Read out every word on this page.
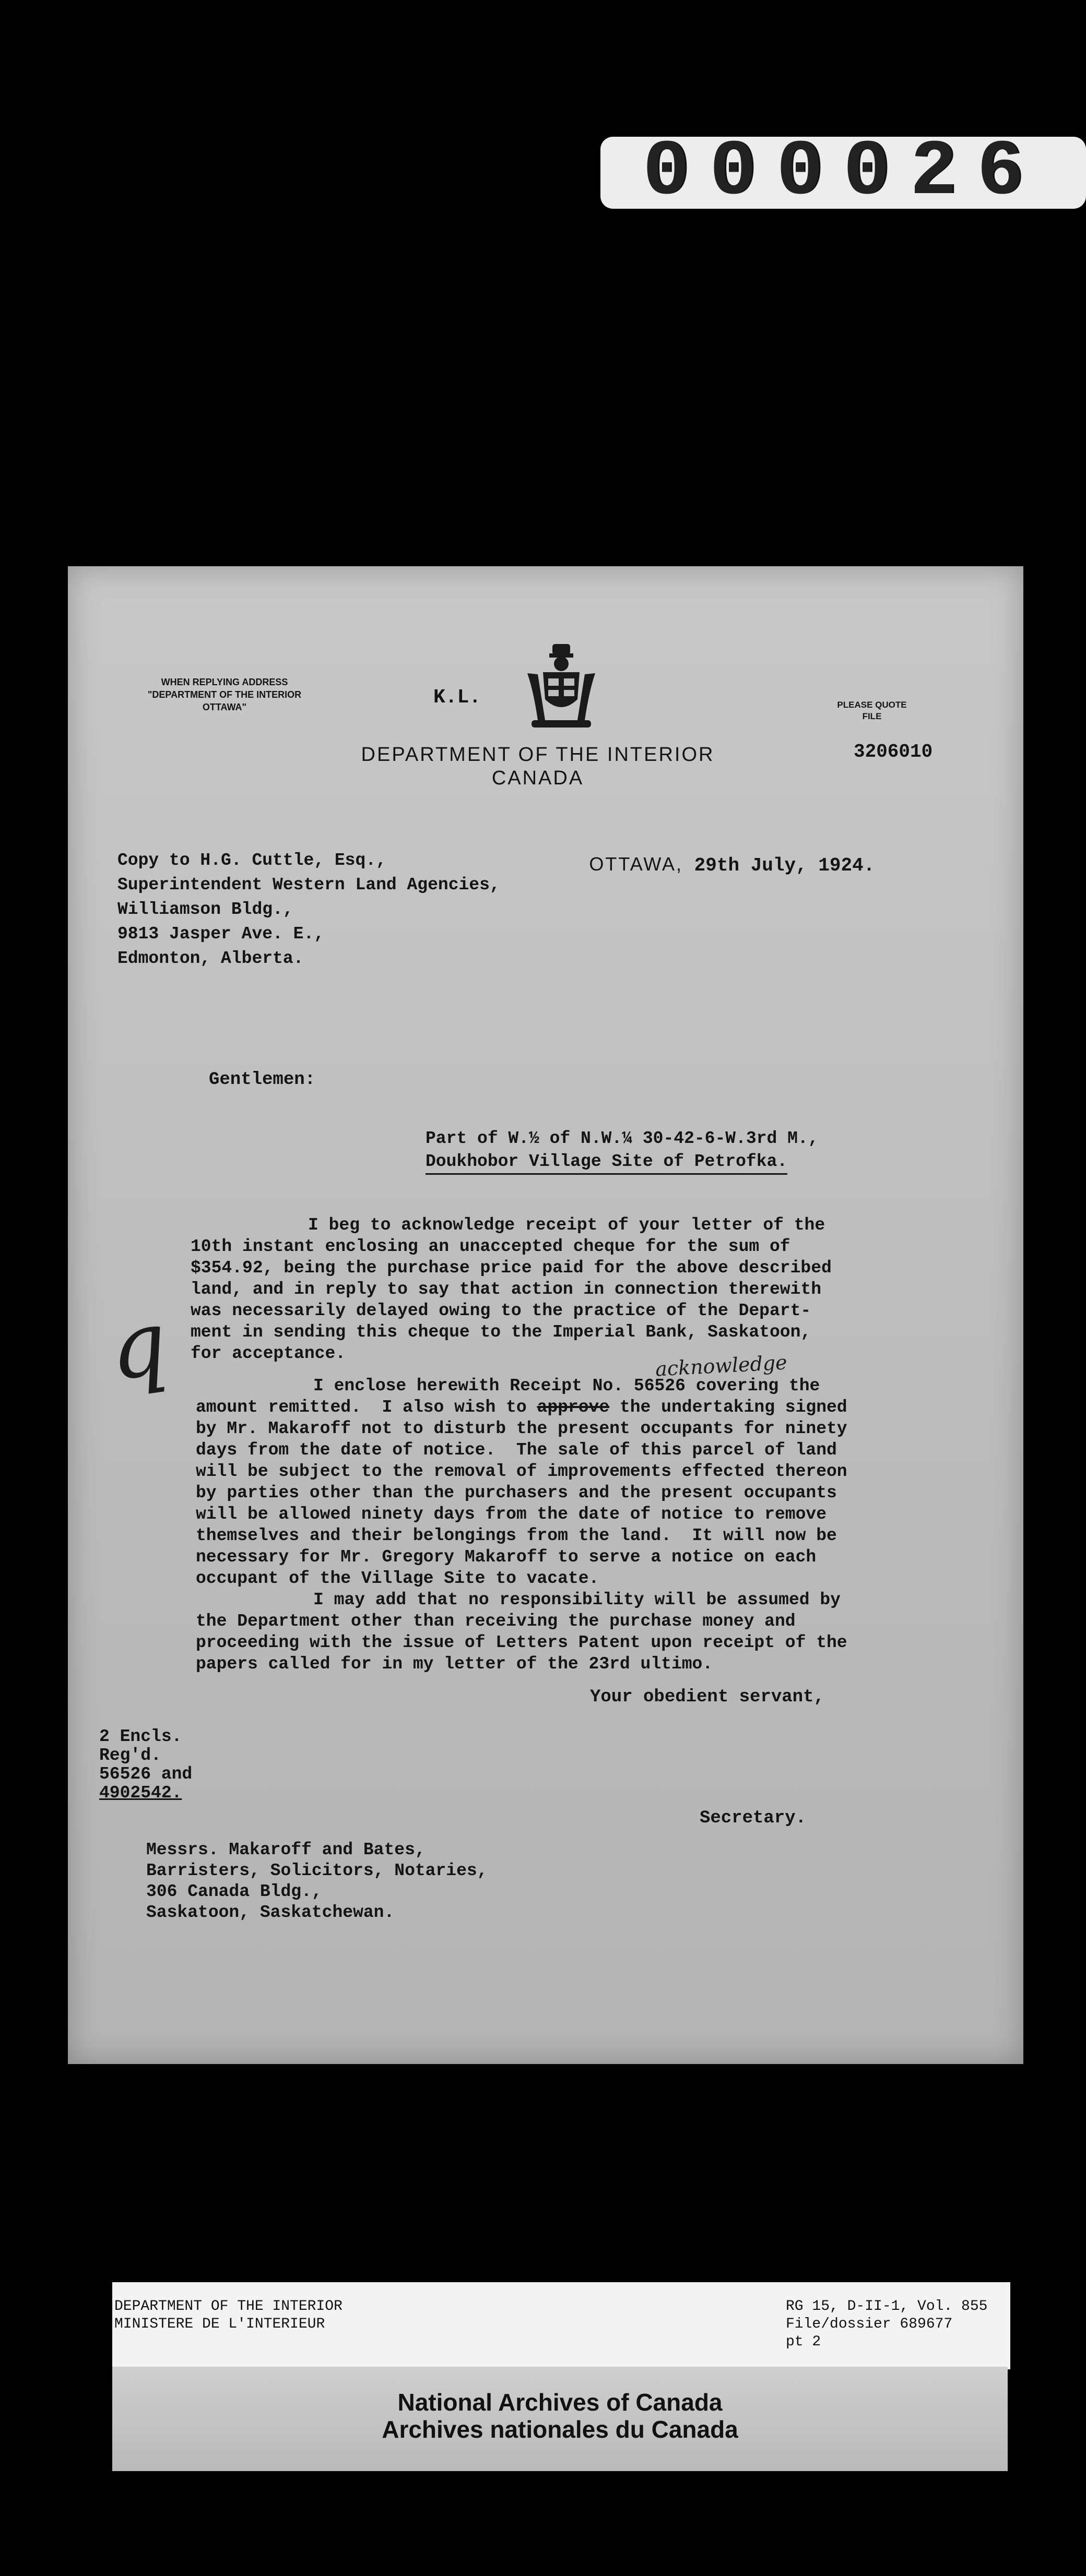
000026
WHEN REPLYING ADDRESS
"DEPARTMENT OF THE INTERIOR
OTTAWA"	K.L.	PLEASE QUOTE
FILE
3206010
DEPARTMENT OF THE INTERIOR
CANADA

OTTAWA, 29th July, 1924.

Copy to H.G. Cuttle, Esq.,
Superintendent Western Land Agencies,
Williamson Bldg.,
9813 Jasper Ave. E.,
Edmonton, Alberta.
Gentlemen:
Part of W.½ of N.W.¼ 30-42-6-W.3rd M.,
Doukhobor Village Site of Petrofka.
I beg to acknowledge receipt of your letter of the
10th instant enclosing an unaccepted cheque for the sum of
$354.92, being the purchase price paid for the above described
land, and in reply to say that action in connection therewith
was necessarily delayed owing to the practice of the Depart-
ment in sending this cheque to the Imperial Bank, Saskatoon,
for acceptance.	acknowledge
q	I enclose herewith Receipt No. 56526 covering the
amount remitted.  I also wish to approve the undertaking signed
by Mr. Makaroff not to disturb the present occupants for ninety
days from the date of notice.  The sale of this parcel of land
will be subject to the removal of improvements effected thereon
by parties other than the purchasers and the present occupants
will be allowed ninety days from the date of notice to remove
themselves and their belongings from the land.  It will now be
necessary for Mr. Gregory Makaroff to serve a notice on each
occupant of the Village Site to vacate.
I may add that no responsibility will be assumed by
the Department other than receiving the purchase money and
proceeding with the issue of Letters Patent upon receipt of the
papers called for in my letter of the 23rd ultimo.
Your obedient servant,
2 Encls.
Reg'd.
56526 and
4902542.
Secretary.
Messrs. Makaroff and Bates,
Barristers, Solicitors, Notaries,
306 Canada Bldg.,
Saskatoon, Saskatchewan.
DEPARTMENT OF THE INTERIOR
MINISTERE DE L'INTERIEUR
RG 15, D-II-1, Vol. 855
File/dossier 689677
pt 2
National Archives of Canada
Archives nationales du Canada
